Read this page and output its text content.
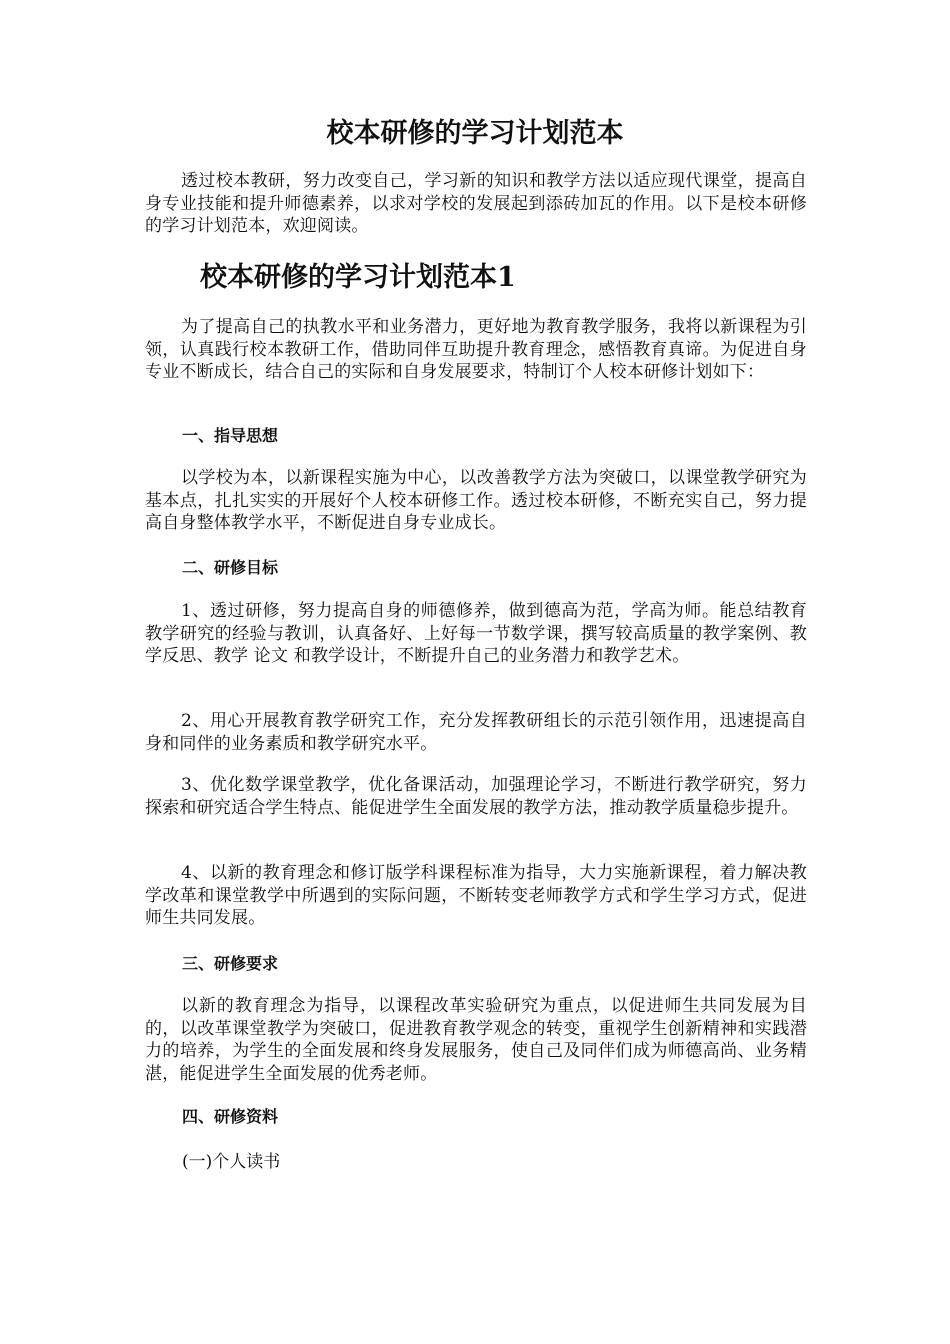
校本研修的学习计划范本

透过校本教研，努力改变自己，学习新的知识和教学方法以适应现代课堂，提高自身专业技能和提升师德素养，以求对学校的发展起到添砖加瓦的作用。以下是校本研修的学习计划范本，欢迎阅读。

校本研修的学习计划范本1

为了提高自己的执教水平和业务潜力，更好地为教育教学服务，我将以新课程为引领，认真践行校本教研工作，借助同伴互助提升教育理念，感悟教育真谛。为促进自身专业不断成长，结合自己的实际和自身发展要求，特制订个人校本研修计划如下：

一、指导思想

以学校为本，以新课程实施为中心，以改善教学方法为突破口，以课堂教学研究为基本点，扎扎实实的开展好个人校本研修工作。透过校本研修，不断充实自己，努力提高自身整体教学水平，不断促进自身专业成长。

二、研修目标

1、透过研修，努力提高自身的师德修养，做到德高为范，学高为师。能总结教育教学研究的经验与教训，认真备好、上好每一节数学课，撰写较高质量的教学案例、教学反思、教学 论文 和教学设计，不断提升自己的业务潜力和教学艺术。

2、用心开展教育教学研究工作，充分发挥教研组长的示范引领作用，迅速提高自身和同伴的业务素质和教学研究水平。

3、优化数学课堂教学，优化备课活动，加强理论学习，不断进行教学研究，努力探索和研究适合学生特点、能促进学生全面发展的教学方法，推动教学质量稳步提升。

4、以新的教育理念和修订版学科课程标准为指导，大力实施新课程，着力解决教学改革和课堂教学中所遇到的实际问题，不断转变老师教学方式和学生学习方式，促进师生共同发展。

三、研修要求

以新的教育理念为指导，以课程改革实验研究为重点，以促进师生共同发展为目的，以改革课堂教学为突破口，促进教育教学观念的转变，重视学生创新精神和实践潜力的培养，为学生的全面发展和终身发展服务，使自己及同伴们成为师德高尚、业务精湛，能促进学生全面发展的优秀老师。

四、研修资料

(一)个人读书
